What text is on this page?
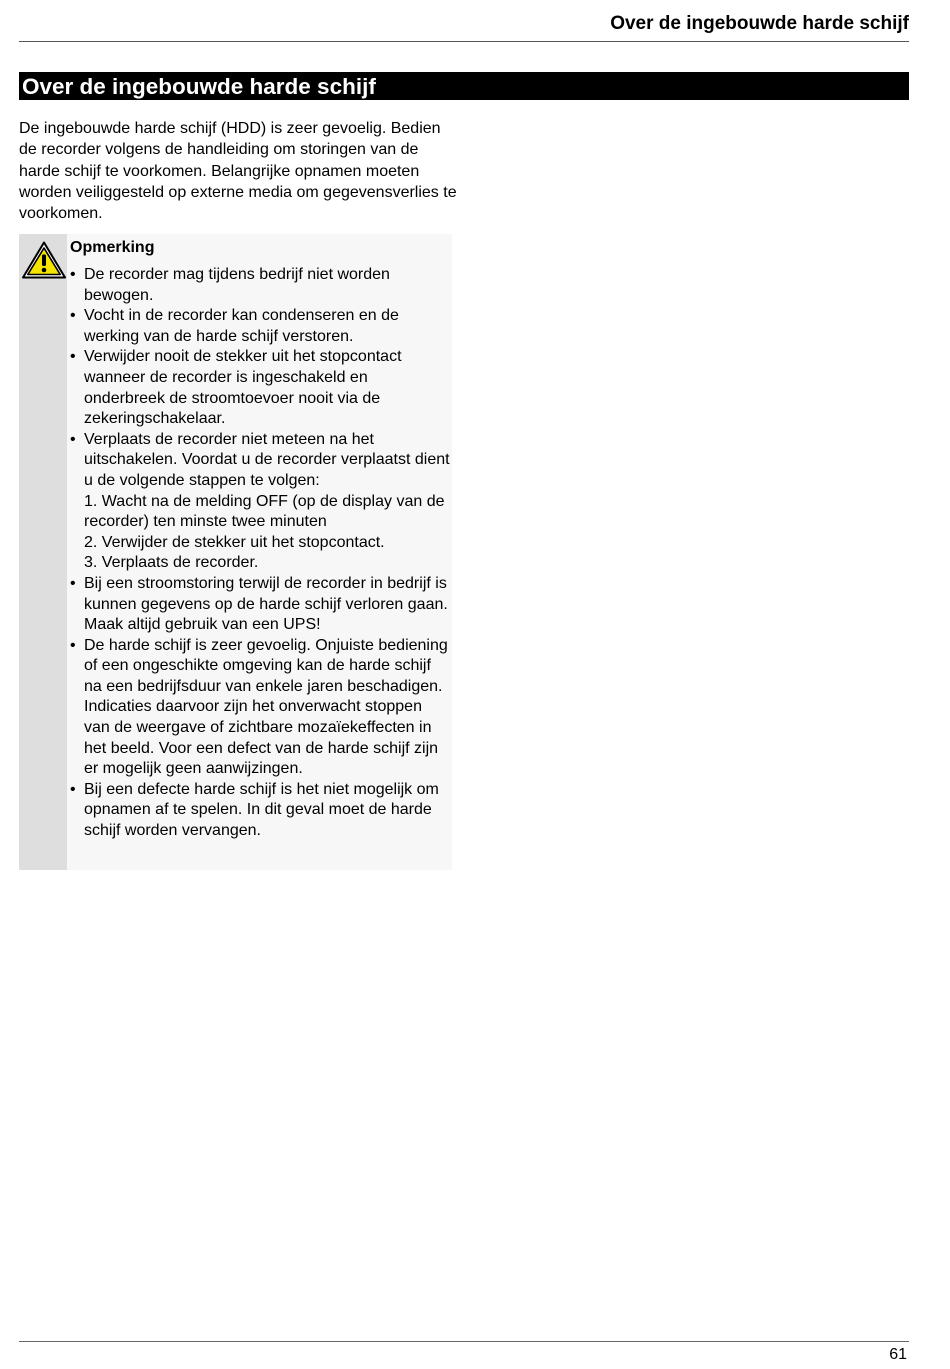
Over de ingebouwde harde schijf
Over de ingebouwde harde schijf

De ingebouwde harde schijf (HDD) is zeer gevoelig. Bedien de recorder volgens de handleiding om storingen van de harde schijf te voorkomen. Belangrijke opnamen moeten worden veiliggesteld op externe media om gegevensverlies te voorkomen.

Opmerking
• De recorder mag tijdens bedrijf niet worden bewogen.
• Vocht in de recorder kan condenseren en de werking van de harde schijf verstoren.
• Verwijder nooit de stekker uit het stopcontact wanneer de recorder is ingeschakeld en onderbreek de stroomtoevoer nooit via de zekeringschakelaar.
• Verplaats de recorder niet meteen na het uitschakelen. Voordat u de recorder verplaatst dient u de volgende stappen te volgen:
1. Wacht na de melding OFF (op de display van de recorder) ten minste twee minuten
2. Verwijder de stekker uit het stopcontact.
3. Verplaats de recorder.
• Bij een stroomstoring terwijl de recorder in bedrijf is kunnen gegevens op de harde schijf verloren gaan. Maak altijd gebruik van een UPS!
• De harde schijf is zeer gevoelig. Onjuiste bediening of een ongeschikte omgeving kan de harde schijf na een bedrijfsduur van enkele jaren beschadigen. Indicaties daarvoor zijn het onverwacht stoppen van de weergave of zichtbare mozaïekeffecten in het beeld. Voor een defect van de harde schijf zijn er mogelijk geen aanwijzingen.
• Bij een defecte harde schijf is het niet mogelijk om opnamen af te spelen. In dit geval moet de harde schijf worden vervangen.
61
